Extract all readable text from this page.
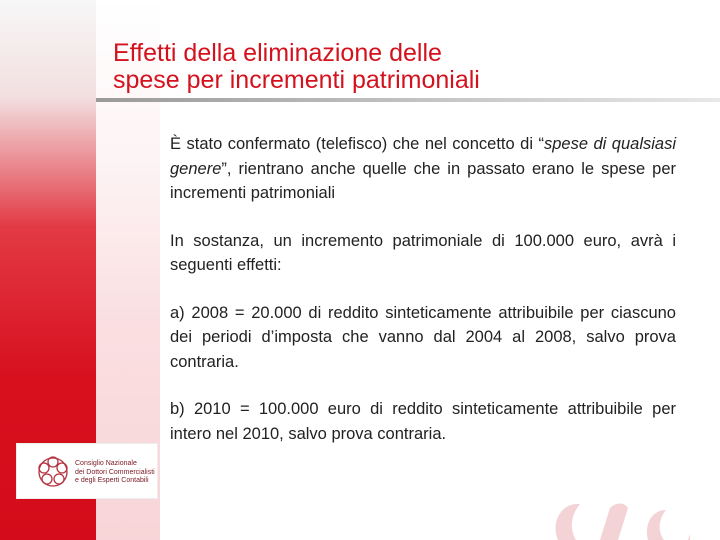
Effetti della eliminazione delle
spese per incrementi patrimoniali

È stato confermato (telefisco) che nel concetto di “spese di qualsiasi genere”, rientrano anche quelle che in passato erano le spese per incrementi patrimoniali

In sostanza, un incremento patrimoniale di 100.000 euro, avrà i seguenti effetti:

a) 2008 = 20.000 di reddito sinteticamente attribuibile per ciascuno dei periodi d’imposta che vanno dal 2004 al 2008, salvo prova contraria.

b) 2010 = 100.000 euro di reddito sinteticamente attribuibile per intero nel 2010, salvo prova contraria.

Consiglio Nazionale
dei Dottori Commercialisti
e degli Esperti Contabili
